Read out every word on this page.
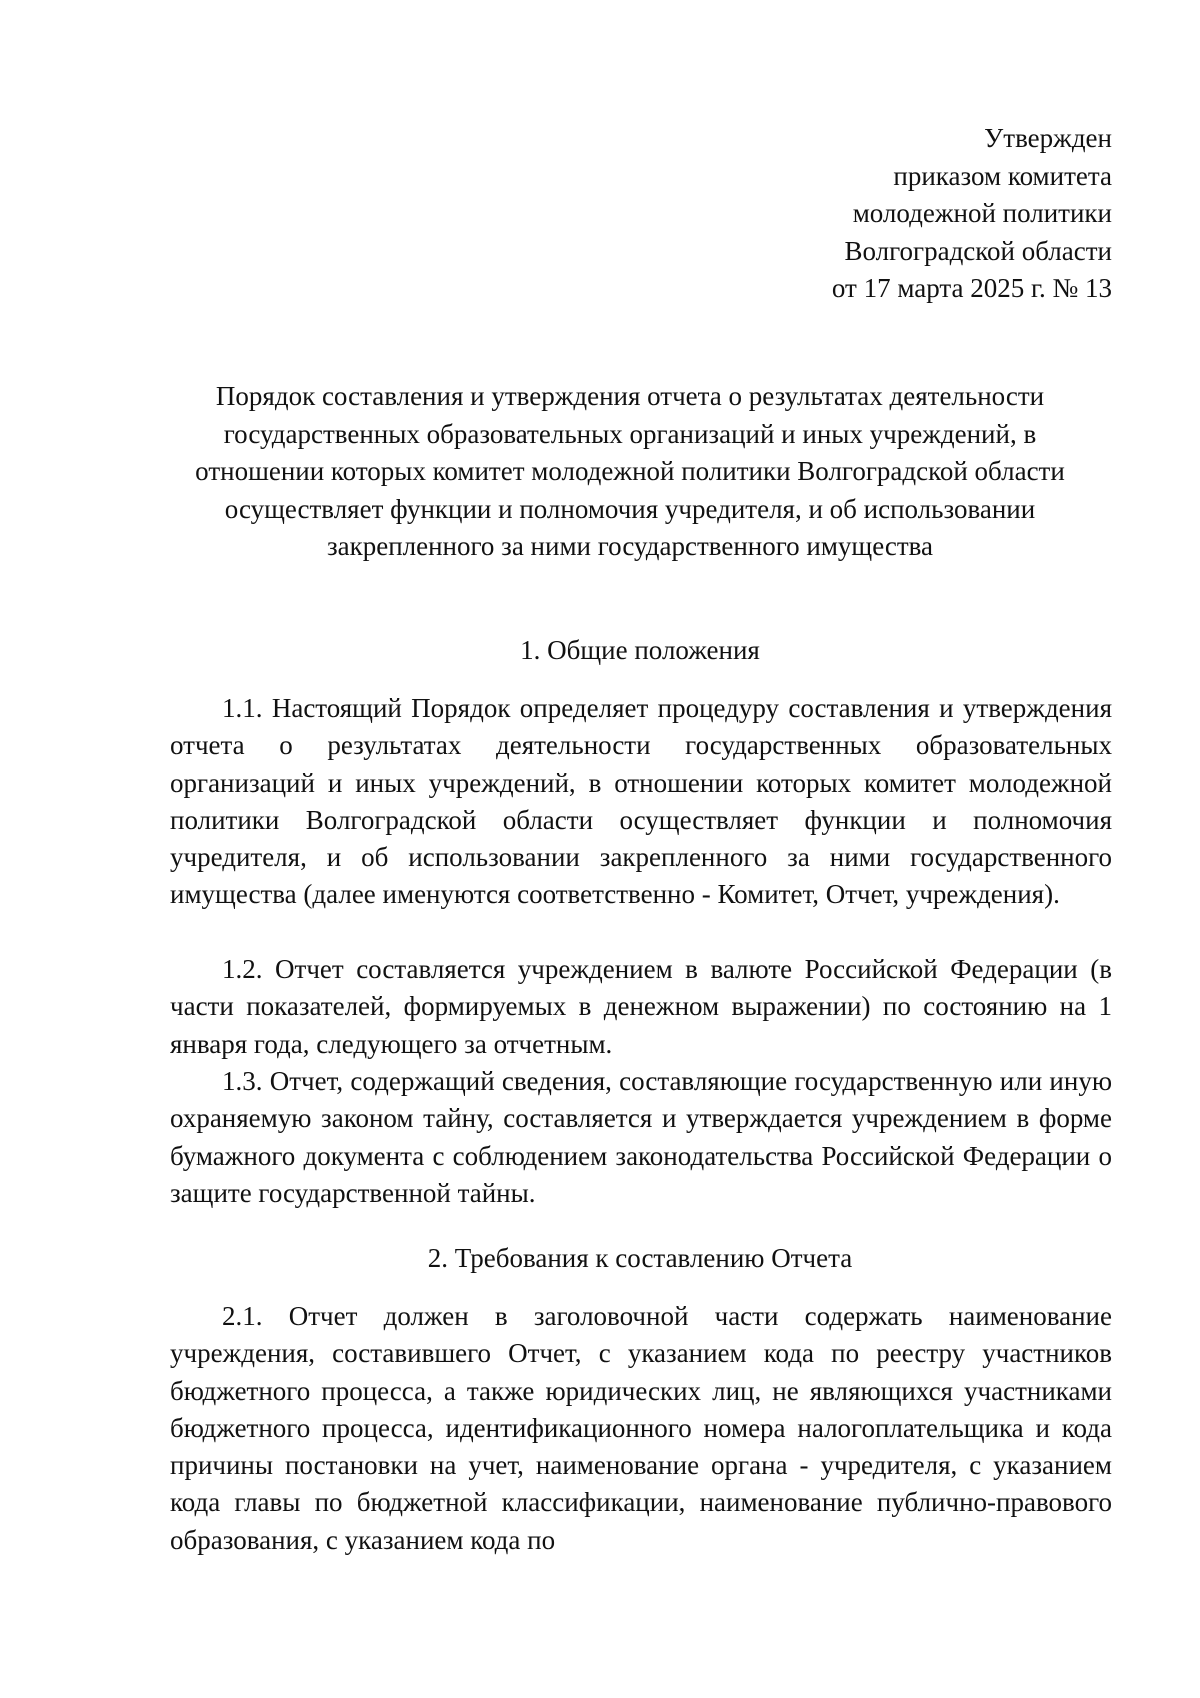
Утвержден
приказом комитета
молодежной политики
Волгоградской области
от 17 марта 2025 г. № 13
Порядок составления и утверждения отчета о результатах деятельности
государственных образовательных организаций и иных учреждений, в
отношении которых комитет молодежной политики Волгоградской области
осуществляет функции и полномочия учредителя, и об использовании
закрепленного за ними государственного имущества
1. Общие положения

1.1. Настоящий Порядок определяет процедуру составления и утверждения отчета о результатах деятельности государственных образовательных организаций и иных учреждений, в отношении которых комитет молодежной политики Волгоградской области осуществляет функции и полномочия учредителя, и об использовании закрепленного за ними государственного имущества (далее именуются соответственно - Комитет, Отчет, учреждения).

1.2. Отчет составляется учреждением в валюте Российской Федерации (в части показателей, формируемых в денежном выражении) по состоянию на 1 января года, следующего за отчетным.

1.3. Отчет, содержащий сведения, составляющие государственную или иную охраняемую законом тайну, составляется и утверждается учреждением в форме бумажного документа с соблюдением законодательства Российской Федерации о защите государственной тайны.

2. Требования к составлению Отчета

2.1. Отчет должен в заголовочной части содержать наименование учреждения, составившего Отчет, с указанием кода по реестру участников бюджетного процесса, а также юридических лиц, не являющихся участниками бюджетного процесса, идентификационного номера налогоплательщика и кода причины постановки на учет, наименование органа - учредителя, с указанием кода главы по бюджетной классификации, наименование публично-правового образования, с указанием кода по
